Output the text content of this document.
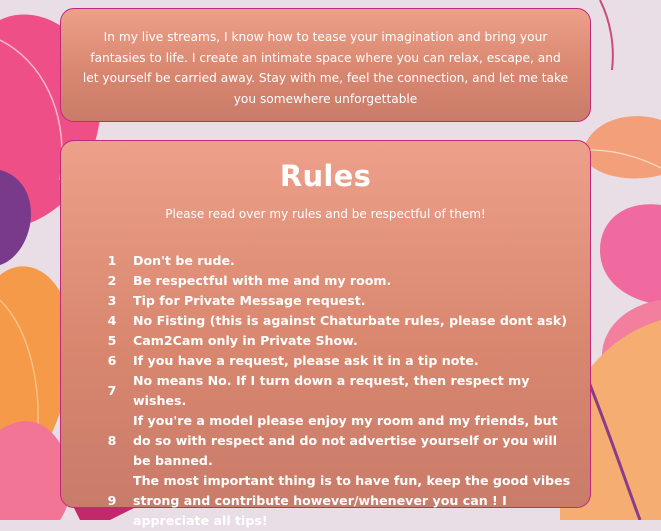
In my live streams, I know how to tease your imagination and bring your fantasies to life. I create an intimate space where you can relax, escape, and let yourself be carried away. Stay with me, feel the connection, and let me take you somewhere unforgettable
Rules
Please read over my rules and be respectful of them!
1	Don't be rude.
2	Be respectful with me and my room.
3	Tip for Private Message request.
4	No Fisting (this is against Chaturbate rules, please dont ask)
5	Cam2Cam only in Private Show.
6	If you have a request, please ask it in a tip note.
7	No means No. If I turn down a request, then respect my wishes.
8	If you're a model please enjoy my room and my friends, but do so with respect and do not advertise yourself or you will be banned.
9	The most important thing is to have fun, keep the good vibes strong and contribute however/whenever you can ! I appreciate all tips!
